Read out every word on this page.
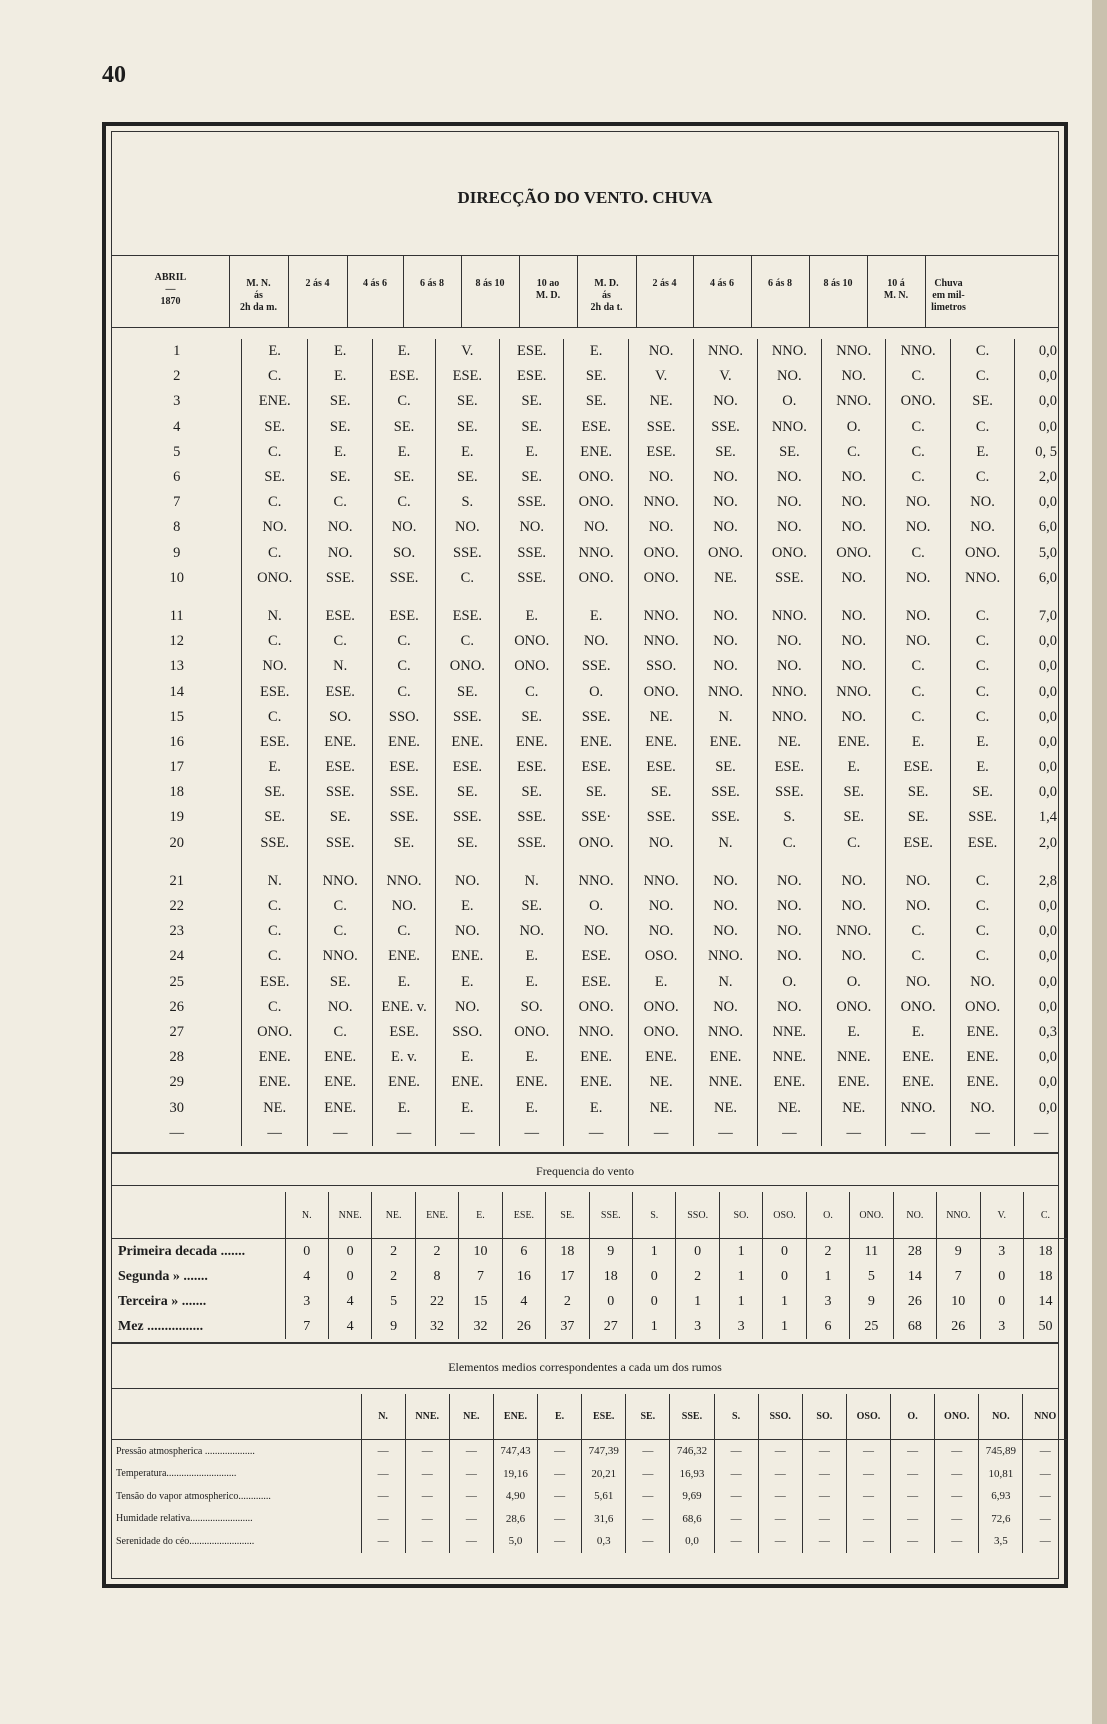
40
DIRECÇÃO DO VENTO. CHUVA
ABRIL
—
1870
M. N.
ás
2h da m.
2 ás 4	4 ás 6	6 ás 8	8 ás 10	10 ao
M. D.
M. D.
ás
2h da t.
2 ás 4	4 ás 6	6 ás 8	8 ás 10	10 á
M. N.
Chuva
em mil-
limetros
1	E.	E.	E.	V.	ESE.	E.	NO.	NNO.	NNO.	NNO.	NNO.	C.	0,0
2	C.	E.	ESE.	ESE.	ESE.	SE.	V.	V.	NO.	NO.	C.	C.	0,0
3	ENE.	SE.	C.	SE.	SE.	SE.	NE.	NO.	O.	NNO.	ONO.	SE.	0,0
4	SE.	SE.	SE.	SE.	SE.	ESE.	SSE.	SSE.	NNO.	O.	C.	C.	0,0
5	C.	E.	E.	E.	E.	ENE.	ESE.	SE.	SE.	C.	C.	E.	0, 5
6	SE.	SE.	SE.	SE.	SE.	ONO.	NO.	NO.	NO.	NO.	C.	C.	2,0
7	C.	C.	C.	S.	SSE.	ONO.	NNO.	NO.	NO.	NO.	NO.	NO.	0,0
8	NO.	NO.	NO.	NO.	NO.	NO.	NO.	NO.	NO.	NO.	NO.	NO.	6,0
9	C.	NO.	SO.	SSE.	SSE.	NNO.	ONO.	ONO.	ONO.	ONO.	C.	ONO.	5,0
10	ONO.	SSE.	SSE.	C.	SSE.	ONO.	ONO.	NE.	SSE.	NO.	NO.	NNO.	6,0

11	N.	ESE.	ESE.	ESE.	E.	E.	NNO.	NO.	NNO.	NO.	NO.	C.	7,0
12	C.	C.	C.	C.	ONO.	NO.	NNO.	NO.	NO.	NO.	NO.	C.	0,0
13	NO.	N.	C.	ONO.	ONO.	SSE.	SSO.	NO.	NO.	NO.	C.	C.	0,0
14	ESE.	ESE.	C.	SE.	C.	O.	ONO.	NNO.	NNO.	NNO.	C.	C.	0,0
15	C.	SO.	SSO.	SSE.	SE.	SSE.	NE.	N.	NNO.	NO.	C.	C.	0,0
16	ESE.	ENE.	ENE.	ENE.	ENE.	ENE.	ENE.	ENE.	NE.	ENE.	E.	E.	0,0
17	E.	ESE.	ESE.	ESE.	ESE.	ESE.	ESE.	SE.	ESE.	E.	ESE.	E.	0,0
18	SE.	SSE.	SSE.	SE.	SE.	SE.	SE.	SSE.	SSE.	SE.	SE.	SE.	0,0
19	SE.	SE.	SSE.	SSE.	SSE.	SSE·	SSE.	SSE.	S.	SE.	SE.	SSE.	1,4
20	SSE.	SSE.	SE.	SE.	SSE.	ONO.	NO.	N.	C.	C.	ESE.	ESE.	2,0

21	N.	NNO.	NNO.	NO.	N.	NNO.	NNO.	NO.	NO.	NO.	NO.	C.	2,8
22	C.	C.	NO.	E.	SE.	O.	NO.	NO.	NO.	NO.	NO.	C.	0,0
23	C.	C.	C.	NO.	NO.	NO.	NO.	NO.	NO.	NNO.	C.	C.	0,0
24	C.	NNO.	ENE.	ENE.	E.	ESE.	OSO.	NNO.	NO.	NO.	C.	C.	0,0
25	ESE.	SE.	E.	E.	E.	ESE.	E.	N.	O.	O.	NO.	NO.	0,0
26	C.	NO.	ENE. v.	NO.	SO.	ONO.	ONO.	NO.	NO.	ONO.	ONO.	ONO.	0,0
27	ONO.	C.	ESE.	SSO.	ONO.	NNO.	ONO.	NNO.	NNE.	E.	E.	ENE.	0,3
28	ENE.	ENE.	E. v.	E.	E.	ENE.	ENE.	ENE.	NNE.	NNE.	ENE.	ENE.	0,0
29	ENE.	ENE.	ENE.	ENE.	ENE.	ENE.	NE.	NNE.	ENE.	ENE.	ENE.	ENE.	0,0
30	NE.	ENE.	E.	E.	E.	E.	NE.	NE.	NE.	NE.	NNO.	NO.	0,0
—	—	—	—	—	—	—	—	—	—	—	—	—	—
Frequencia do vento
	N.	NNE.	NE.	ENE.	E.	ESE.	SE.	SSE.	S.	SSO.	SO.	OSO.	O.	ONO.	NO.	NNO.	V.	C.
Primeira decada .......	0	0	2	2	10	6	18	9	1	0	1	0	2	11	28	9	3	18
Segunda » .......	4	0	2	8	7	16	17	18	0	2	1	0	1	5	14	7	0	18
Terceira » .......	3	4	5	22	15	4	2	0	0	1	1	1	3	9	26	10	0	14
Mez ................	7	4	9	32	32	26	37	27	1	3	3	1	6	25	68	26	3	50
Elementos medios correspondentes a cada um dos rumos
	N.	NNE.	NE.	ENE.	E.	ESE.	SE.	SSE.	S.	SSO.	SO.	OSO.	O.	ONO.	NO.	NNO
Pressão atmospherica ....................	—	—	—	747,43	—	747,39	—	746,32	—	—	—	—	—	—	745,89	—
Temperatura............................	—	—	—	19,16	—	20,21	—	16,93	—	—	—	—	—	—	10,81	—
Tensão do vapor atmospherico.............	—	—	—	4,90	—	5,61	—	9,69	—	—	—	—	—	—	6,93	—
Humidade relativa.........................	—	—	—	28,6	—	31,6	—	68,6	—	—	—	—	—	—	72,6	—
Serenidade do céo..........................	—	—	—	5,0	—	0,3	—	0,0	—	—	—	—	—	—	3,5	—
